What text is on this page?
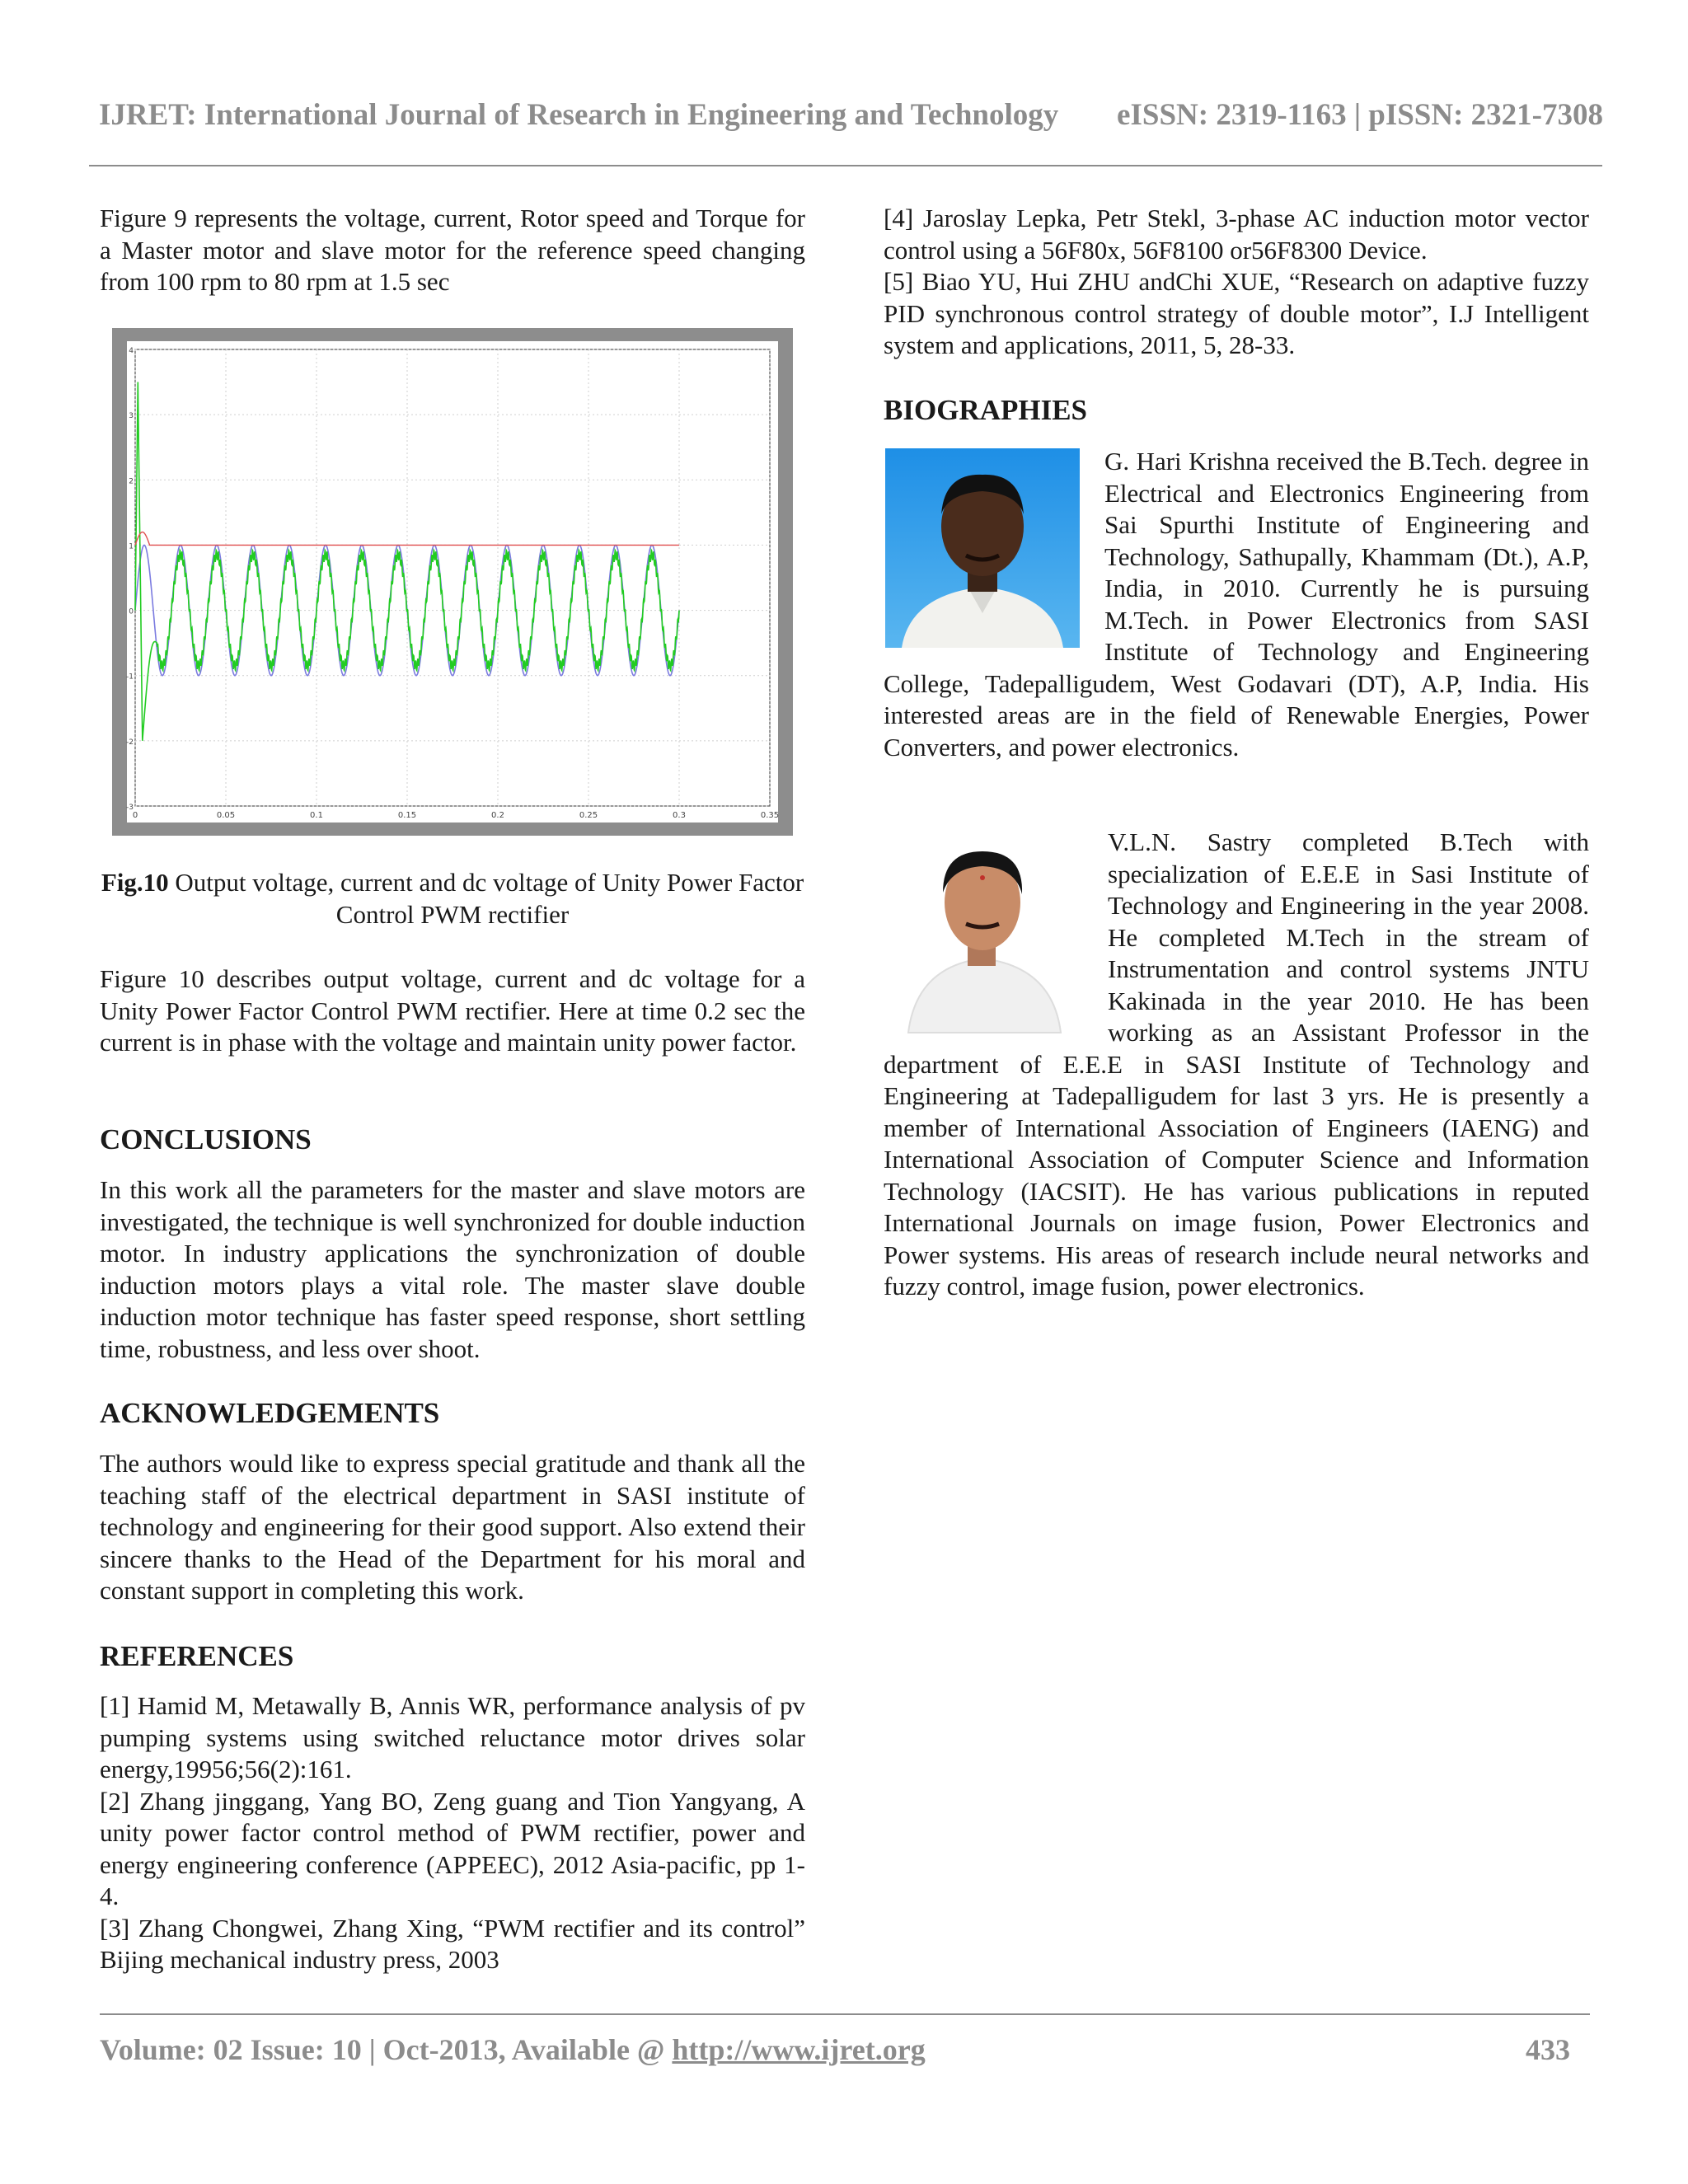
IJRET: International Journal of Research in Engineering and Technology eISSN: 2319-1163 | pISSN: 2321-7308

Figure 9 represents the voltage, current, Rotor speed and Torque for a Master motor and slave motor for the reference speed changing from 100 rpm to 80 rpm at 1.5 sec

0	0.05	0.1	0.15	0.2	0.25	0.3	0.35
4
3
2
1
0
-1
-2
-3
Fig.10 Output voltage, current and dc voltage of Unity Power Factor Control PWM rectifier

Figure 10 describes output voltage, current and dc voltage for a Unity Power Factor Control PWM rectifier. Here at time 0.2 sec the current is in phase with the voltage and maintain unity power factor.

CONCLUSIONS

In this work all the parameters for the master and slave motors are investigated, the technique is well synchronized for double induction motor. In industry applications the synchronization of double induction motors plays a vital role. The master slave double induction motor technique has faster speed response, short settling time, robustness, and less over shoot.

ACKNOWLEDGEMENTS

The authors would like to express special gratitude and thank all the teaching staff of the electrical department in SASI institute of technology and engineering for their good support. Also extend their sincere thanks to the Head of the Department for his moral and constant support in completing this work.

REFERENCES

[1] Hamid M, Metawally B, Annis WR, performance analysis of pv pumping systems using switched reluctance motor drives solar energy,19956;56(2):161.

[2] Zhang jinggang, Yang BO, Zeng guang and Tion Yangyang, A unity power factor control method of PWM rectifier, power and energy engineering conference (APPEEC), 2012 Asia-pacific, pp 1-4.

[3] Zhang Chongwei, Zhang Xing, “PWM rectifier and its control” Bijing mechanical industry press, 2003

[4] Jaroslay Lepka, Petr Stekl, 3-phase AC induction motor vector control using a 56F80x, 56F8100 or56F8300 Device.

[5] Biao YU, Hui ZHU andChi XUE, “Research on adaptive fuzzy PID synchronous control strategy of double motor”, I.J Intelligent system and applications, 2011, 5, 28-33.

BIOGRAPHIES

G. Hari Krishna received the B.Tech. degree in Electrical and Electronics Engineering from Sai Spurthi Institute of Engineering and Technology, Sathupally, Khammam (Dt.), A.P, India, in 2010. Currently he is pursuing M.Tech. in Power Electronics from SASI Institute of Technology and Engineering College, Tadepalligudem, West Godavari (DT), A.P, India. His interested areas are in the field of Renewable Energies, Power Converters, and power electronics.

V.L.N. Sastry completed B.Tech with specialization of E.E.E in Sasi Institute of Technology and Engineering in the year 2008. He completed M.Tech in the stream of Instrumentation and control systems JNTU Kakinada in the year 2010. He has been working as an Assistant Professor in the department of E.E.E in SASI Institute of Technology and Engineering at Tadepalligudem for last 3 yrs. He is presently a member of International Association of Engineers (IAENG) and International Association of Computer Science and Information Technology (IACSIT). He has various publications in reputed International Journals on image fusion, Power Electronics and Power systems. His areas of research include neural networks and fuzzy control, image fusion, power electronics.

Volume: 02 Issue: 10 | Oct-2013, Available @ http://www.ijret.org	433
